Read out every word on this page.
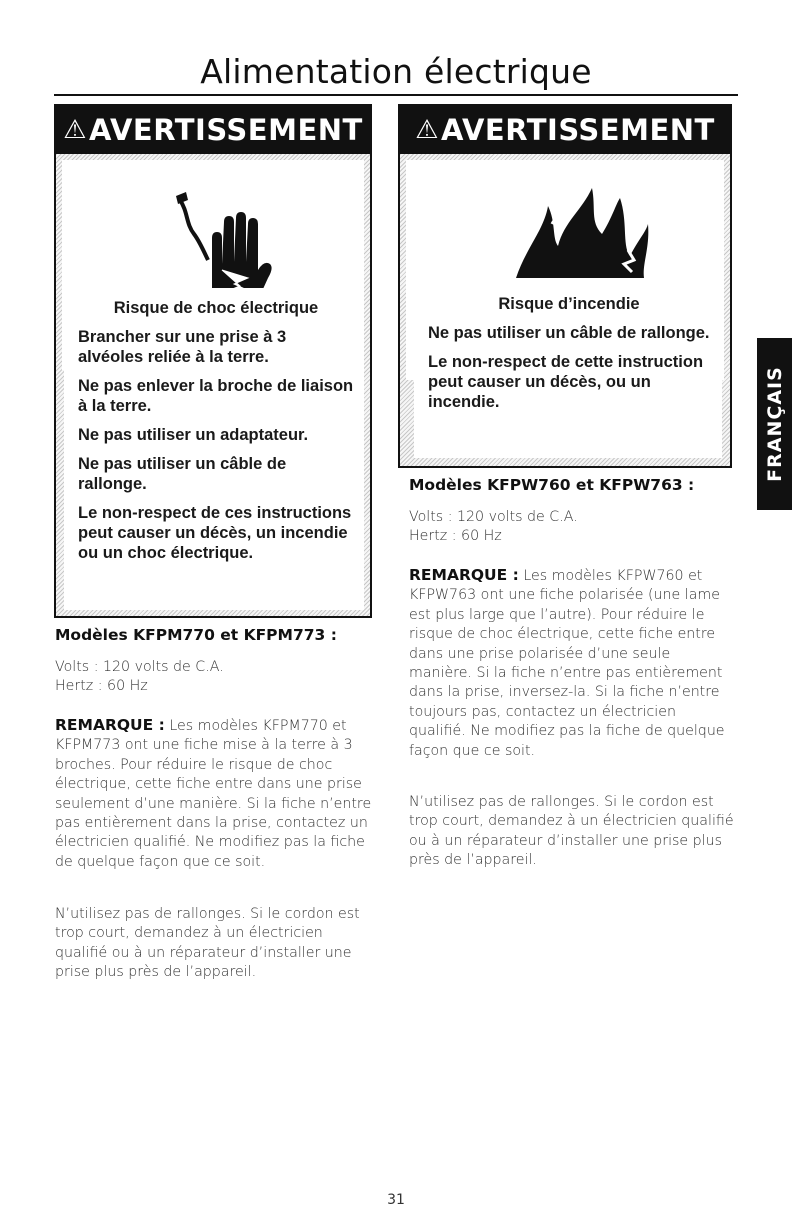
Alimentation électrique
⚠ AVERTISSEMENT

Risque de choc électrique

Brancher sur une prise à 3 alvéoles reliée à la terre.

Ne pas enlever la broche de liaison à la terre.

Ne pas utiliser un adaptateur.

Ne pas utiliser un câble de rallonge.

Le non-respect de ces instructions peut causer un décès, un incendie ou un choc électrique.

⚠ AVERTISSEMENT

Risque d’incendie

Ne pas utiliser un câble de rallonge.

Le non-respect de cette instruction peut causer un décès, ou un incendie.

Modèles KFPM770 et KFPM773 :

Volts : 120 volts de C.A.

Hertz : 60 Hz

REMARQUE : Les modèles KFPM770 et KFPM773 ont une fiche mise à la terre à 3 broches. Pour réduire le risque de choc électrique, cette fiche entre dans une prise seulement d’une manière. Si la fiche n’entre pas entièrement dans la prise, contactez un électricien qualifié. Ne modifiez pas la fiche de quelque façon que ce soit.

N’utilisez pas de rallonges. Si le cordon est trop court, demandez à un électricien qualifié ou à un réparateur d’installer une prise plus près de l’appareil.

Modèles KFPW760 et KFPW763 :

Volts : 120 volts de C.A.

Hertz : 60 Hz

REMARQUE : Les modèles KFPW760 et KFPW763 ont une fiche polarisée (une lame est plus large que l’autre). Pour réduire le risque de choc électrique, cette fiche entre dans une prise polarisée d’une seule manière. Si la fiche n’entre pas entièrement dans la prise, inversez-la. Si la fiche n’entre toujours pas, contactez un électricien qualifié. Ne modifiez pas la fiche de quelque façon que ce soit.

N’utilisez pas de rallonges. Si le cordon est trop court, demandez à un électricien qualifié ou à un réparateur d’installer une prise plus près de l’appareil.

FRANÇAIS
31
